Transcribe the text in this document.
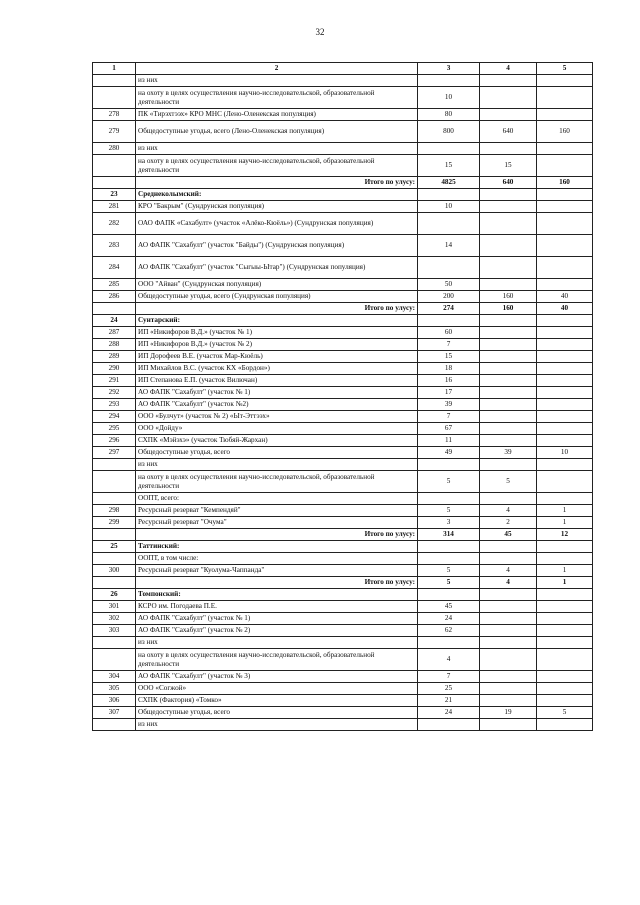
32
1	2	3	4	5
	из них			
	на охоту в целях осуществления научно-исследовательской, образовательной деятельности	10		
278	ПК «Тирэхтээх» КРО МНС (Лено-Оленекская популяция)	80		
279	Общедоступные угодья, всего (Лено-Оленекская популяция)	800	640	160
280	из них			
	на охоту в целях осуществления научно-исследовательской, образовательной деятельности	15	15	
	Итого по улусу:	4825	640	160
23	Среднеколымский:			
281	КРО "Бакрым" (Сундрунская популяция)	10		
282	ОАО ФАПК «Сахабулт» (участок «Алёко-Кюёль») (Сундрунская популяция)			
283	АО ФАПК "Сахабулт" (участок "Байды") (Сундрунская популяция)	14		
284	АО ФАПК "Сахабулт" (участок "Сыгыы-Ытар") (Сундрунская популяция)			
285	ООО "Айван" (Сундрунская популяция)	50		
286	Общедоступные угодья, всего (Сундрунская популяция)	200	160	40
	Итого по улусу:	274	160	40
24	Сунтарский:			
287	ИП «Никифоров В.Д.» (участок № 1)	60		
288	ИП «Никифоров В.Д.» (участок № 2)	7		
289	ИП Дорофеев В.Е. (участок Мар-Кюёль)	15		
290	ИП Михайлов В.С. (участок КХ «Бордон»)	18		
291	ИП Степанова Е.П. (участок Вилючан)	16		
292	АО ФАПК "Сахабулт" (участок № 1)	17		
293	АО ФАПК "Сахабулт" (участок №2)	39		
294	ООО «Булчут» (участок № 2) «Ыт-Эттээх»	7		
295	ООО «Дойду»	67		
296	СХПК «Мэйэхэ» (участок Тюбяй-Жархан)	11		
297	Общедоступные угодья, всего	49	39	10
	из них			
	на охоту в целях осуществления научно-исследовательской, образовательной деятельности	5	5	
	ООПТ, всего:			
298	Ресурсный резерват "Кемпендяй"	5	4	1
299	Ресурсный резерват "Очума"	3	2	1
	Итого по улусу:	314	45	12
25	Таттинский:			
	ООПТ, в том числе:			
300	Ресурсный резерват "Куолума-Чаппанда"	5	4	1
	Итого по улусу:	5	4	1
26	Томпонский:			
301	КСРО им. Погодаева П.Е.	45		
302	АО ФАПК "Сахабулт" (участок № 1)	24		
303	АО ФАПК "Сахабулт" (участок № 2)	62		
	из них			
	на охоту в целях осуществления научно-исследовательской, образовательной деятельности	4		
304	АО ФАПК "Сахабулт" (участок № 3)	7		
305	ООО «Согжой»	25		
306	СХПК (Фактория) «Томко»	21		
307	Общедоступные угодья, всего	24	19	5
	из них			
